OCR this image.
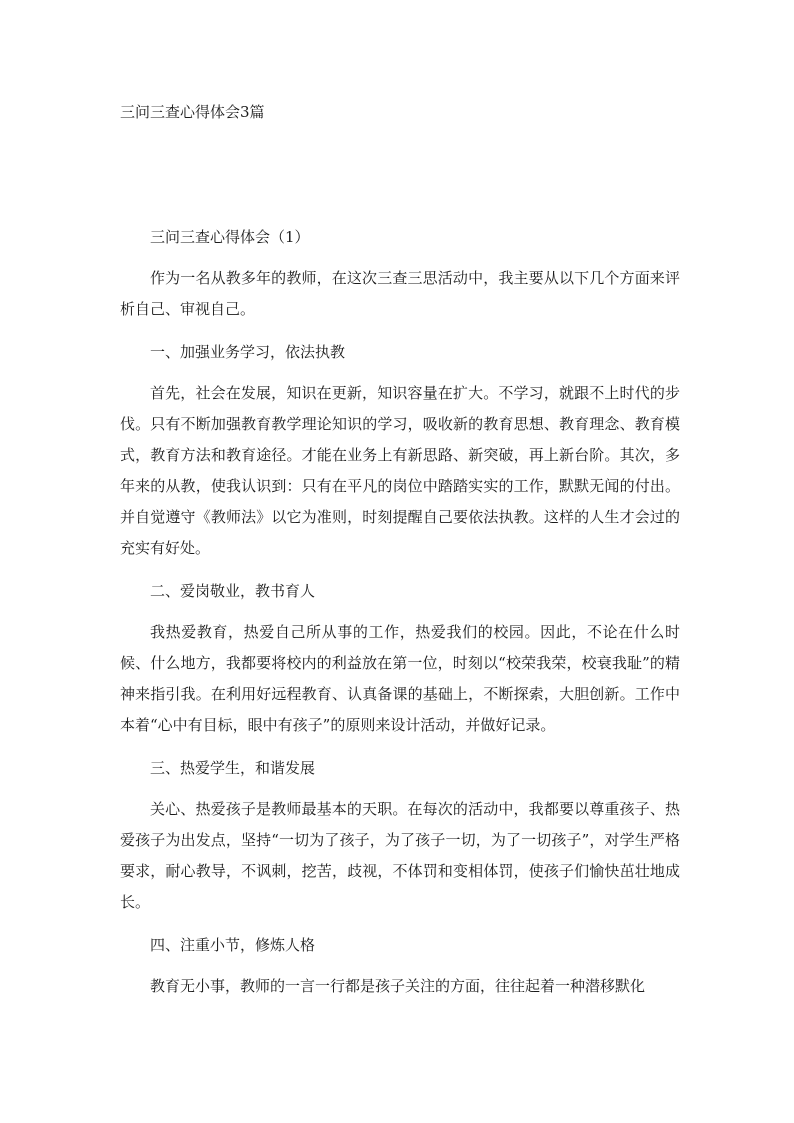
三问三查心得体会3篇

三问三查心得体会（1）

作为一名从教多年的教师，在这次三查三思活动中，我主要从以下几个方面来评析自己、审视自己。

一、加强业务学习，依法执教

首先，社会在发展，知识在更新，知识容量在扩大。不学习，就跟不上时代的步伐。只有不断加强教育教学理论知识的学习，吸收新的教育思想、教育理念、教育模式，教育方法和教育途径。才能在业务上有新思路、新突破，再上新台阶。其次，多年来的从教，使我认识到：只有在平凡的岗位中踏踏实实的工作，默默无闻的付出。并自觉遵守《教师法》以它为准则，时刻提醒自己要依法执教。这样的人生才会过的充实有好处。

二、爱岗敬业，教书育人

我热爱教育，热爱自己所从事的工作，热爱我们的校园。因此，不论在什么时候、什么地方，我都要将校内的利益放在第一位，时刻以“校荣我荣，校衰我耻”的精神来指引我。在利用好远程教育、认真备课的基础上，不断探索，大胆创新。工作中本着“心中有目标，眼中有孩子”的原则来设计活动，并做好记录。

三、热爱学生，和谐发展

关心、热爱孩子是教师最基本的天职。在每次的活动中，我都要以尊重孩子、热爱孩子为出发点，坚持“一切为了孩子，为了孩子一切，为了一切孩子”，对学生严格要求，耐心教导，不讽刺，挖苦，歧视，不体罚和变相体罚，使孩子们愉快茁壮地成长。

四、注重小节，修炼人格

教育无小事，教师的一言一行都是孩子关注的方面，往往起着一种潜移默化
